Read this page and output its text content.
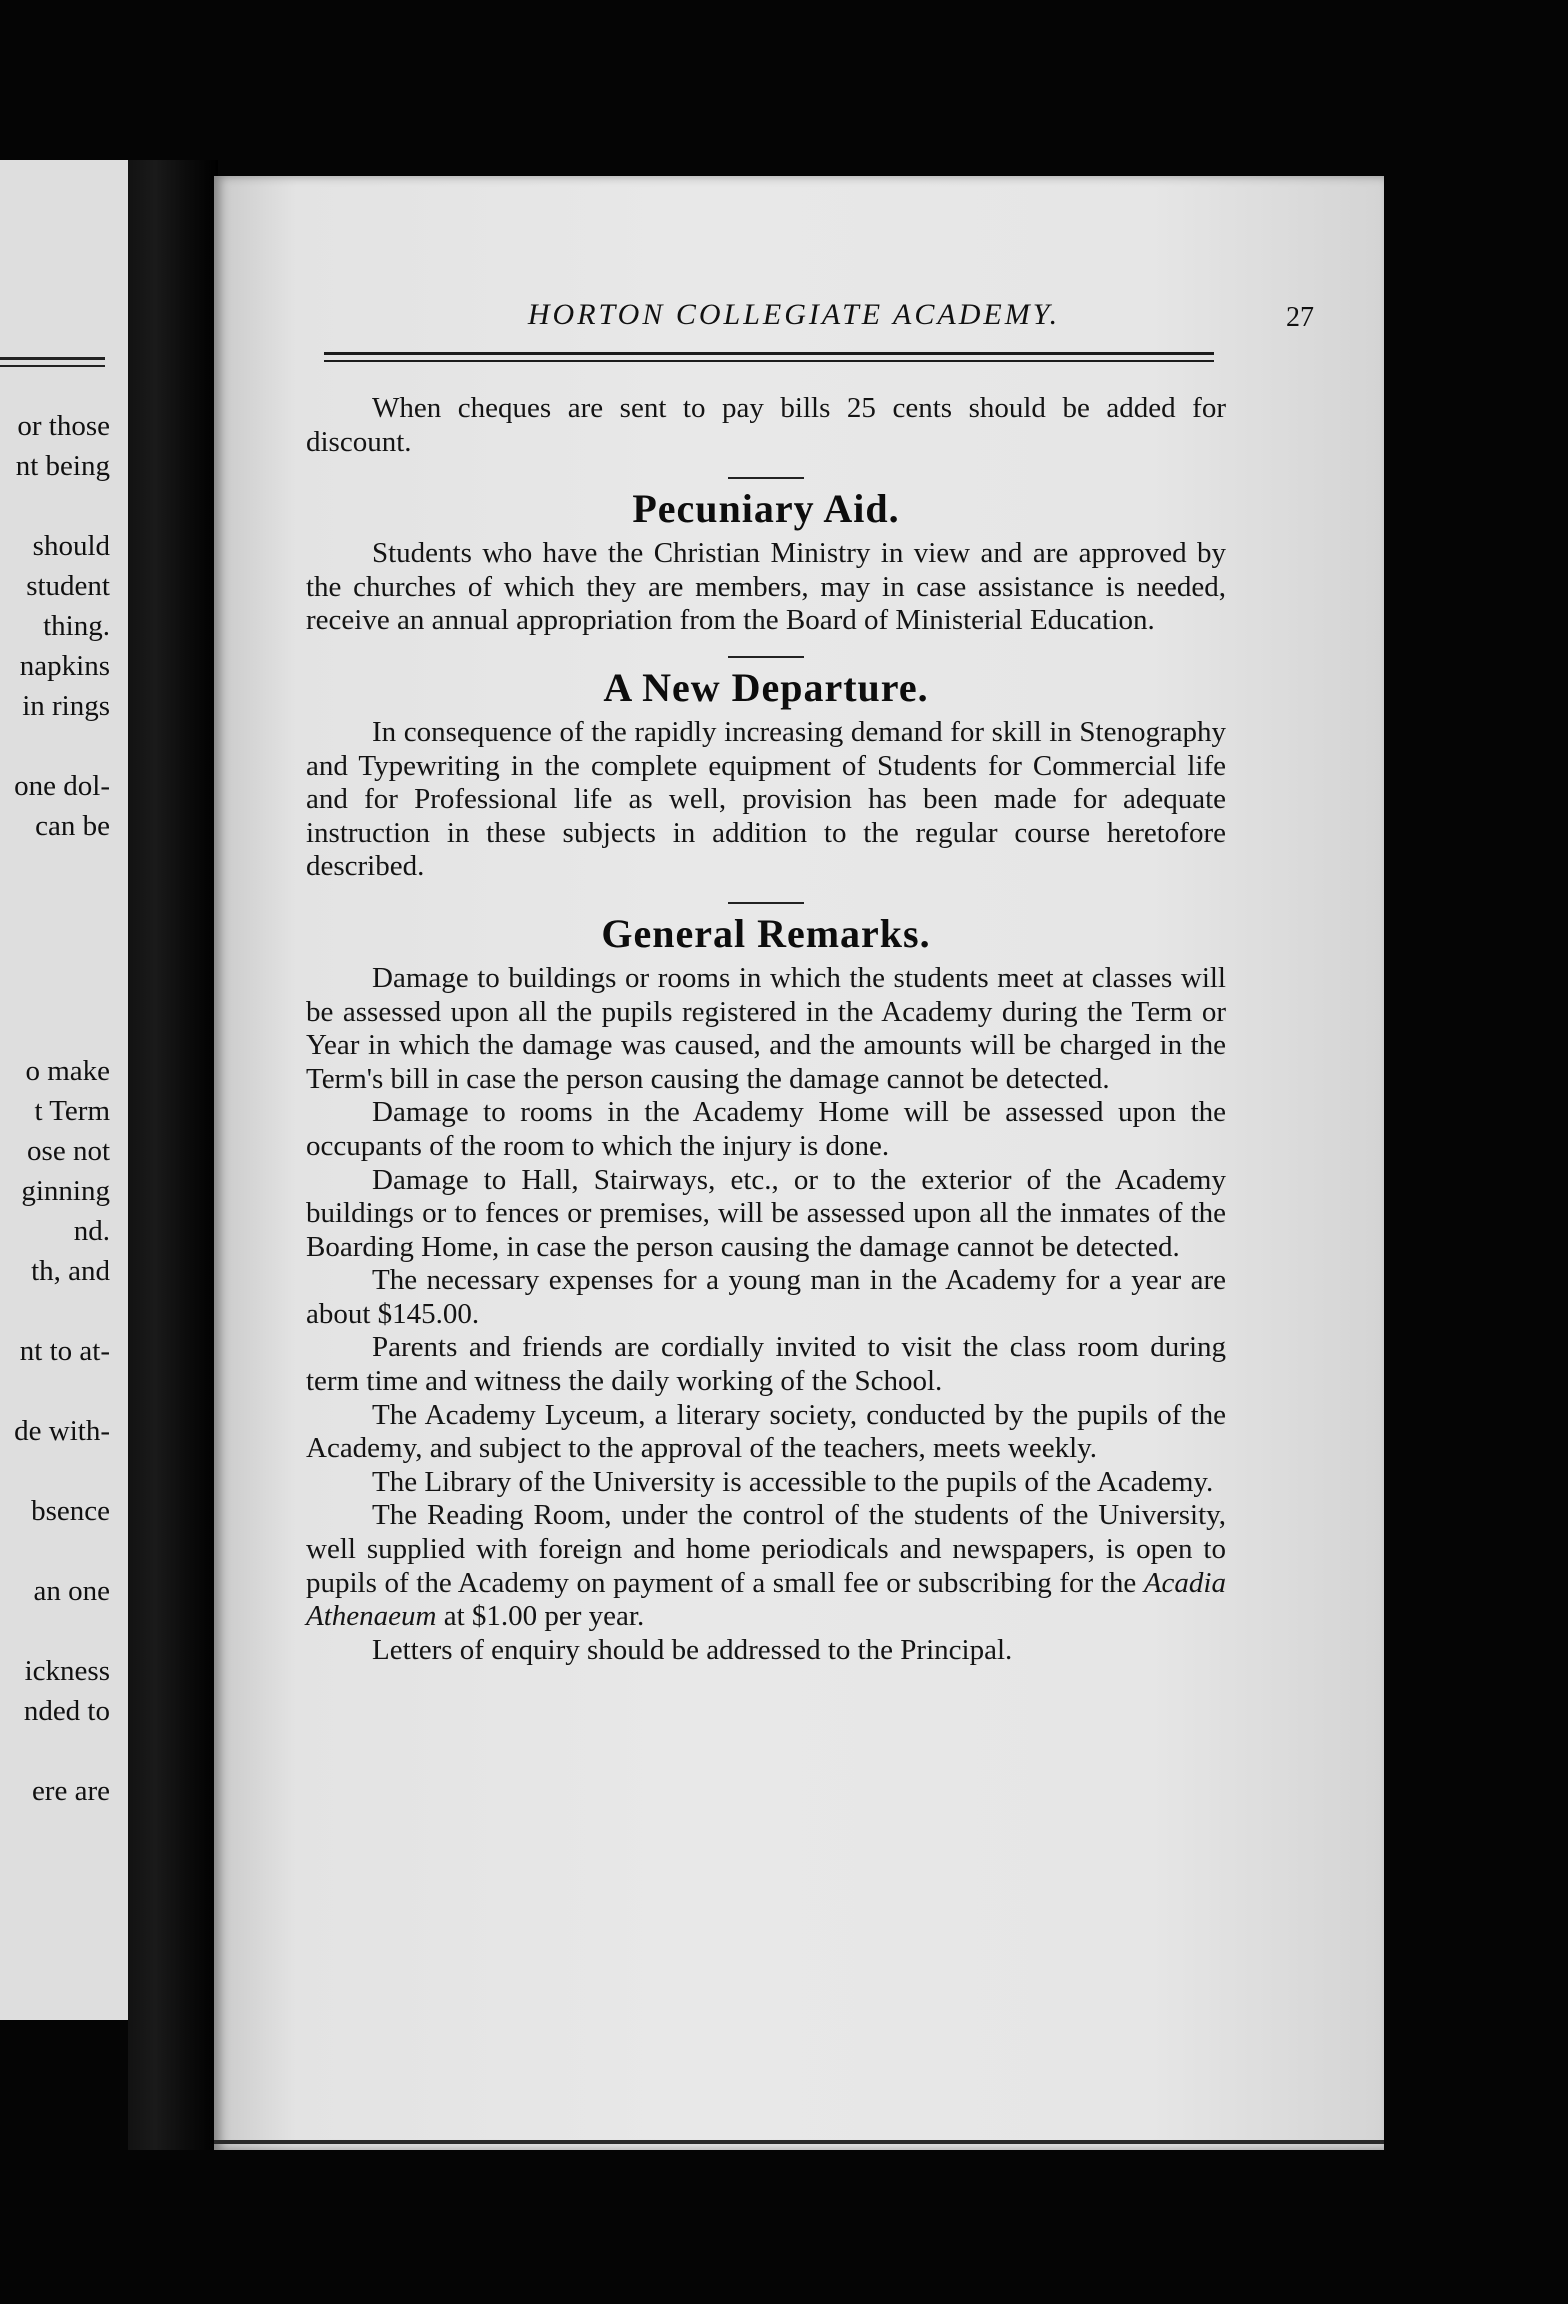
or those
nt being
should
student
thing.
napkins
in rings
one dol-
can be
o make
t Term
ose not
ginning
nd.
th, and
nt to at-
de with-
bsence
an one
ickness
nded to
ere are
HORTON COLLEGIATE ACADEMY.	27

When cheques are sent to pay bills 25 cents should be added for discount.

Pecuniary Aid.

Students who have the Christian Ministry in view and are approved by the churches of which they are members, may in case assistance is needed, receive an annual appropriation from the Board of Ministerial Education.

A New Departure.

In consequence of the rapidly increasing demand for skill in Stenography and Typewriting in the complete equipment of Students for Commercial life and for Professional life as well, provision has been made for adequate instruction in these subjects in addition to the regular course heretofore described.

General Remarks.

Damage to buildings or rooms in which the students meet at classes will be assessed upon all the pupils registered in the Academy during the Term or Year in which the damage was caused, and the amounts will be charged in the Term's bill in case the person causing the damage cannot be detected.

Damage to rooms in the Academy Home will be assessed upon the occupants of the room to which the injury is done.

Damage to Hall, Stairways, etc., or to the exterior of the Academy buildings or to fences or premises, will be assessed upon all the inmates of the Boarding Home, in case the person causing the damage cannot be detected.

The necessary expenses for a young man in the Academy for a year are about $145.00.

Parents and friends are cordially invited to visit the class room during term time and witness the daily working of the School.

The Academy Lyceum, a literary society, conducted by the pupils of the Academy, and subject to the approval of the teachers, meets weekly.

The Library of the University is accessible to the pupils of the Academy.

The Reading Room, under the control of the students of the University, well supplied with foreign and home periodicals and newspapers, is open to pupils of the Academy on payment of a small fee or subscribing for the Acadia Athenaeum at $1.00 per year.

Letters of enquiry should be addressed to the Principal.
